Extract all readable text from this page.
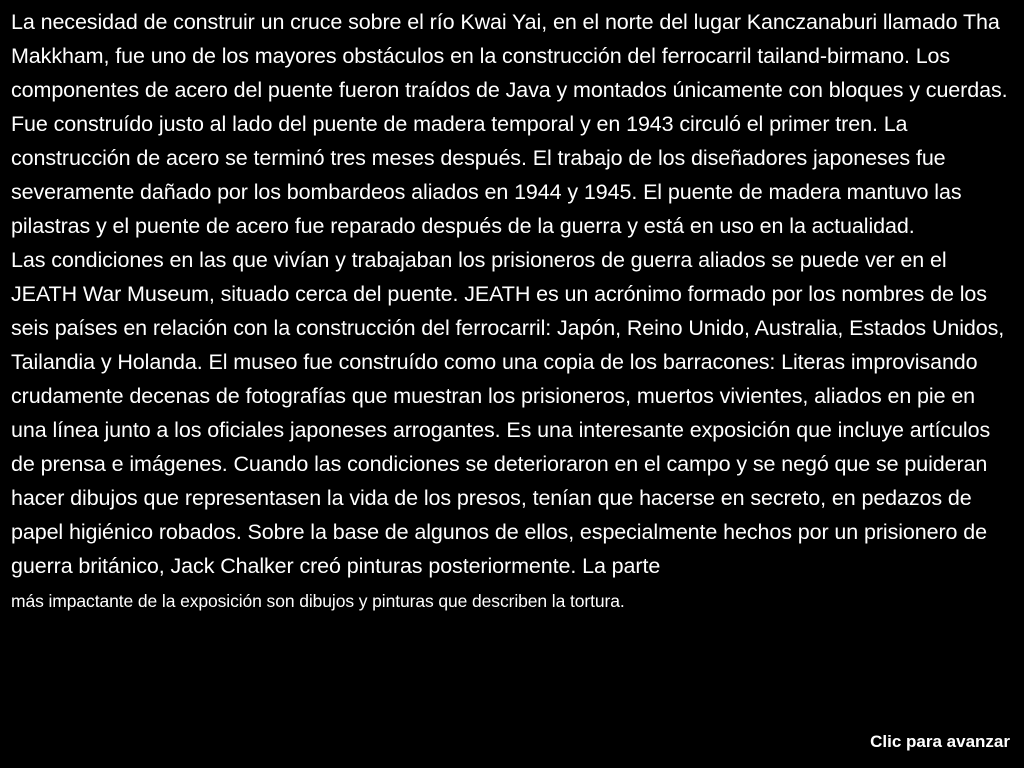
La necesidad de construir un cruce sobre el río Kwai Yai, en el norte del lugar Kanczanaburi llamado Tha Makkham, fue uno de los mayores obstáculos en la construcción del ferrocarril tailand-birmano. Los componentes de acero del puente fueron traídos de Java y montados únicamente con bloques y cuerdas. Fue construído justo al lado del puente de madera temporal y en 1943 circuló el primer tren. La construcción de acero se terminó tres meses después. El trabajo de los diseñadores japoneses fue severamente dañado por los bombardeos aliados en 1944 y 1945. El puente de madera mantuvo las pilastras y el puente de acero fue reparado después de la guerra y está en uso en la actualidad.

Las condiciones en las que vivían y trabajaban los prisioneros de guerra aliados se puede ver en el JEATH War Museum, situado cerca del puente. JEATH es un acrónimo formado por los nombres de los seis países en relación con la construcción del ferrocarril: Japón, Reino Unido, Australia, Estados Unidos, Tailandia y Holanda. El museo fue construído como una copia de los barracones: Literas improvisando crudamente decenas de fotografías que muestran los prisioneros, muertos vivientes, aliados en pie en una línea junto a los oficiales japoneses arrogantes. Es una interesante exposición que incluye artículos de prensa e imágenes. Cuando las condiciones se deterioraron en el campo y se negó que se puideran hacer dibujos que representasen la vida de los presos, tenían que hacerse en secreto, en pedazos de papel higiénico robados. Sobre la base de algunos de ellos, especialmente hechos por un prisionero de guerra británico, Jack Chalker creó pinturas posteriormente. La parte
más impactante de la exposición son dibujos y pinturas que describen la tortura.

Clic para avanzar
